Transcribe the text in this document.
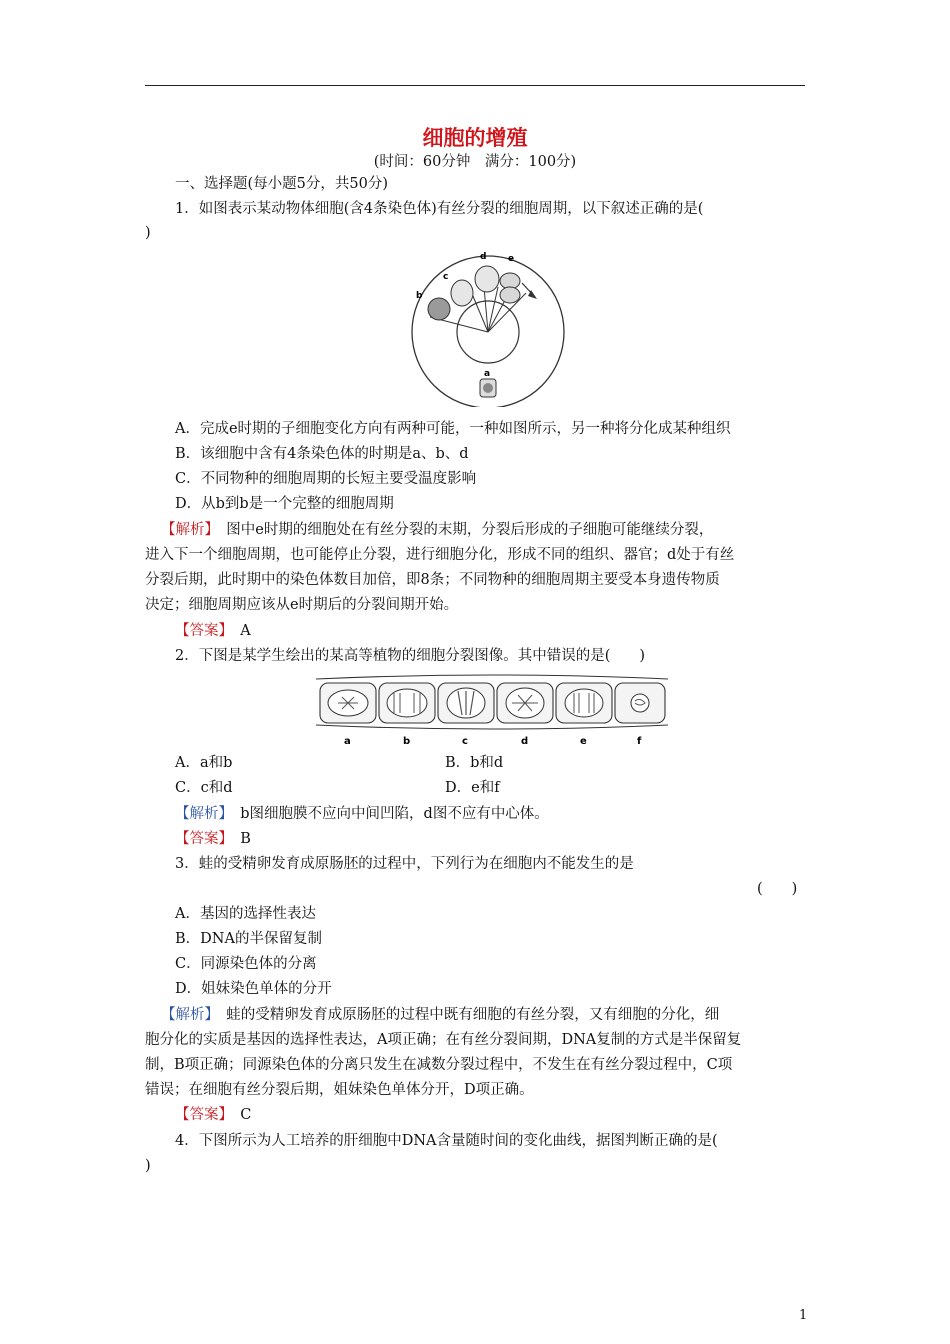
细胞的增殖
(时间：60分钟　满分：100分)
一、选择题(每小题5分，共50分)
1．如图表示某动物体细胞(含4条染色体)有丝分裂的细胞周期，以下叙述正确的是(
)
a
b
c
d e
A．完成e时期的子细胞变化方向有两种可能，一种如图所示，另一种将分化成某种组织
B．该细胞中含有4条染色体的时期是a、b、d
C．不同物种的细胞周期的长短主要受温度影响
D．从b到b是一个完整的细胞周期
【解析】　 图中e时期的细胞处在有丝分裂的末期，分裂后形成的子细胞可能继续分裂，
进入下一个细胞周期，也可能停止分裂，进行细胞分化，形成不同的组织、器官；d处于有丝
分裂后期，此时期中的染色体数目加倍，即8条；不同物种的细胞周期主要受本身遗传物质
决定；细胞周期应该从e时期后的分裂间期开始。
【答案】　 A
2．下图是某学生绘出的某高等植物的细胞分裂图像。其中错误的是(　　)
a	b	c	d	e	f
A．a和b	B．b和d
C．c和d	D．e和f
【解析】　 b图细胞膜不应向中间凹陷，d图不应有中心体。
【答案】　 B
3．蛙的受精卵发育成原肠胚的过程中，下列行为在细胞内不能发生的是
(　　)
A．基因的选择性表达
B．DNA的半保留复制
C．同源染色体的分离
D．姐妹染色单体的分开
【解析】　 蛙的受精卵发育成原肠胚的过程中既有细胞的有丝分裂，又有细胞的分化，细
胞分化的实质是基因的选择性表达，A项正确；在有丝分裂间期，DNA复制的方式是半保留复
制，B项正确；同源染色体的分离只发生在减数分裂过程中，不发生在有丝分裂过程中，C项
错误；在细胞有丝分裂后期，姐妹染色单体分开，D项正确。
【答案】　 C
4．下图所示为人工培养的肝细胞中DNA含量随时间的变化曲线，据图判断正确的是(
)
1
